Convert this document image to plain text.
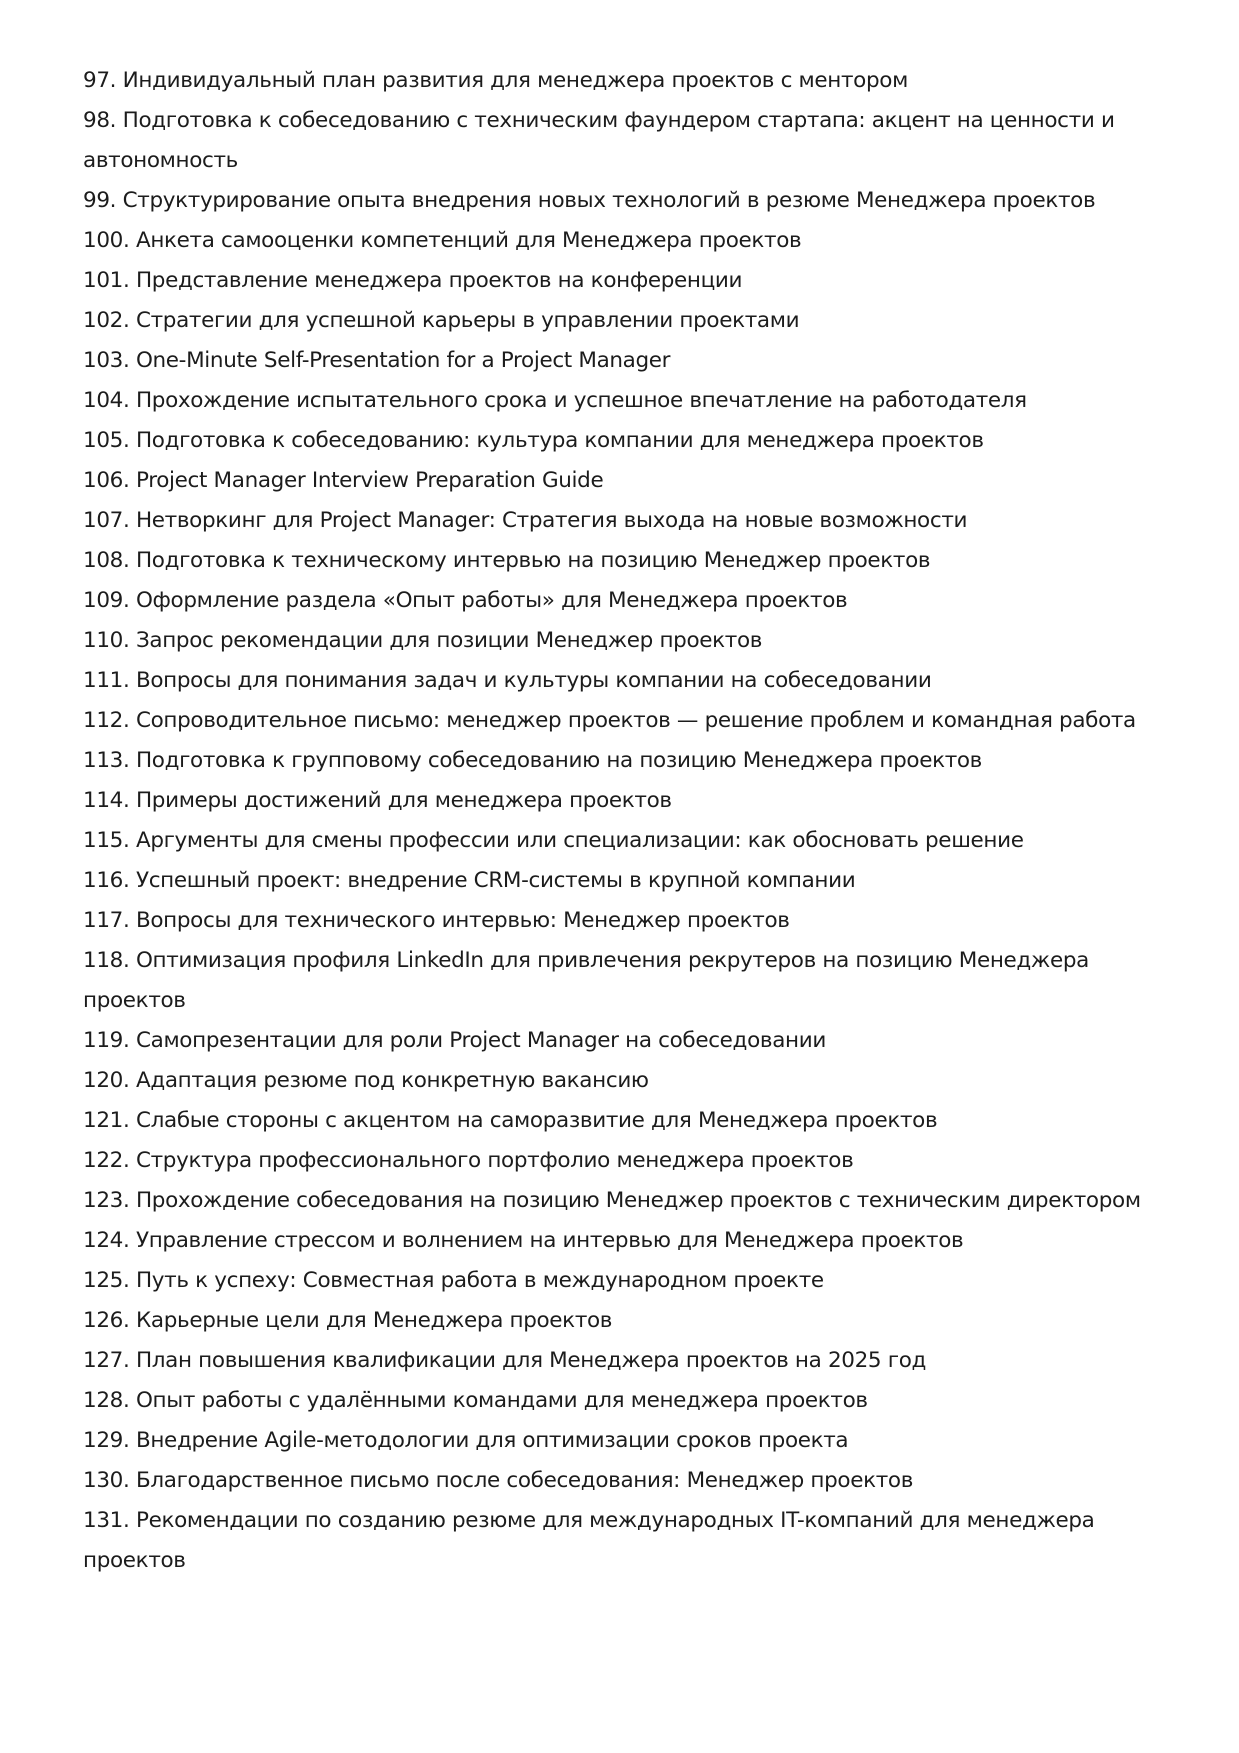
97. Индивидуальный план развития для менеджера проектов с ментором
98. Подготовка к собеседованию с техническим фаундером стартапа: акцент на ценности и автономность
99. Структурирование опыта внедрения новых технологий в резюме Менеджера проектов
100. Анкета самооценки компетенций для Менеджера проектов
101. Представление менеджера проектов на конференции
102. Стратегии для успешной карьеры в управлении проектами
103. One-Minute Self-Presentation for a Project Manager
104. Прохождение испытательного срока и успешное впечатление на работодателя
105. Подготовка к собеседованию: культура компании для менеджера проектов
106. Project Manager Interview Preparation Guide
107. Нетворкинг для Project Manager: Стратегия выхода на новые возможности
108. Подготовка к техническому интервью на позицию Менеджер проектов
109. Оформление раздела «Опыт работы» для Менеджера проектов
110. Запрос рекомендации для позиции Менеджер проектов
111. Вопросы для понимания задач и культуры компании на собеседовании
112. Сопроводительное письмо: менеджер проектов — решение проблем и командная работа
113. Подготовка к групповому собеседованию на позицию Менеджера проектов
114. Примеры достижений для менеджера проектов
115. Аргументы для смены профессии или специализации: как обосновать решение
116. Успешный проект: внедрение CRM-системы в крупной компании
117. Вопросы для технического интервью: Менеджер проектов
118. Оптимизация профиля LinkedIn для привлечения рекрутеров на позицию Менеджера проектов
119. Самопрезентации для роли Project Manager на собеседовании
120. Адаптация резюме под конкретную вакансию
121. Слабые стороны с акцентом на саморазвитие для Менеджера проектов
122. Структура профессионального портфолио менеджера проектов
123. Прохождение собеседования на позицию Менеджер проектов с техническим директором
124. Управление стрессом и волнением на интервью для Менеджера проектов
125. Путь к успеху: Совместная работа в международном проекте
126. Карьерные цели для Менеджера проектов
127. План повышения квалификации для Менеджера проектов на 2025 год
128. Опыт работы с удалёнными командами для менеджера проектов
129. Внедрение Agile-методологии для оптимизации сроков проекта
130. Благодарственное письмо после собеседования: Менеджер проектов
131. Рекомендации по созданию резюме для международных IT-компаний для менеджера проектов
